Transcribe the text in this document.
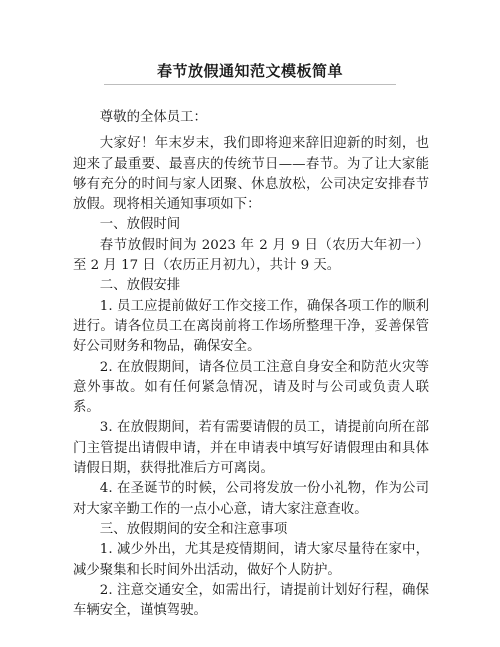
春节放假通知范文模板简单

尊敬的全体员工：

大家好！年末岁末，我们即将迎来辞旧迎新的时刻，也迎来了最重要、最喜庆的传统节日——春节。为了让大家能够有充分的时间与家人团聚、休息放松，公司决定安排春节放假。现将相关通知事项如下：

一、放假时间

春节放假时间为 2023 年 2 月 9 日（农历大年初一）至 2 月 17 日（农历正月初九），共计 9 天。

二、放假安排

1. 员工应提前做好工作交接工作，确保各项工作的顺利进行。请各位员工在离岗前将工作场所整理干净，妥善保管好公司财务和物品，确保安全。

2. 在放假期间，请各位员工注意自身安全和防范火灾等意外事故。如有任何紧急情况，请及时与公司或负责人联系。

3. 在放假期间，若有需要请假的员工，请提前向所在部门主管提出请假申请，并在申请表中填写好请假理由和具体请假日期，获得批准后方可离岗。

4. 在圣诞节的时候，公司将发放一份小礼物，作为公司对大家辛勤工作的一点小心意，请大家注意查收。

三、放假期间的安全和注意事项

1. 减少外出，尤其是疫情期间，请大家尽量待在家中，减少聚集和长时间外出活动，做好个人防护。

2. 注意交通安全，如需出行，请提前计划好行程，确保车辆安全，谨慎驾驶。
